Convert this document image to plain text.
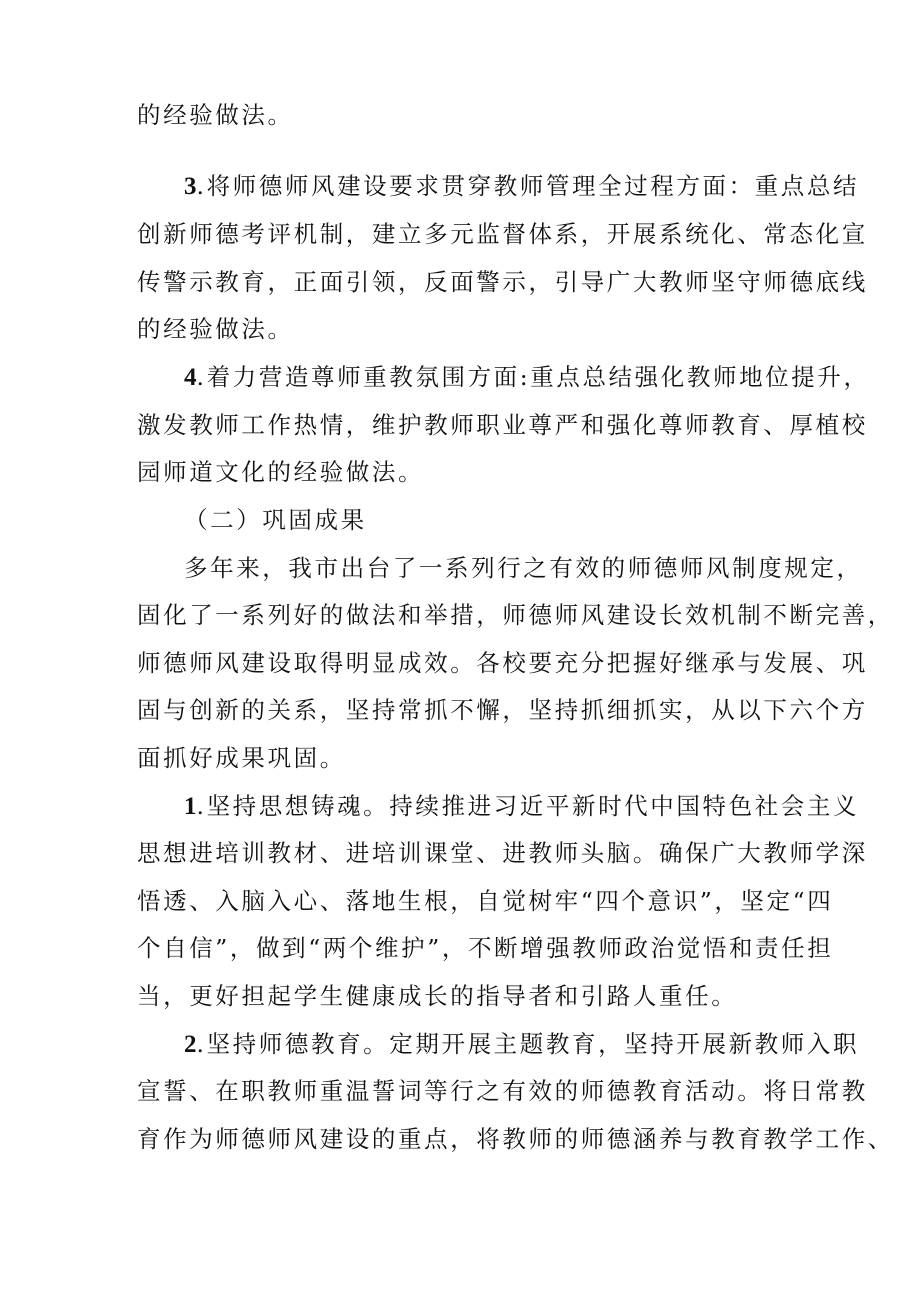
的经验做法。
3.将师德师风建设要求贯穿教师管理全过程方面：重点总结
创新师德考评机制，建立多元监督体系，开展系统化、常态化宣
传警示教育，正面引领，反面警示，引导广大教师坚守师德底线
的经验做法。
4.着力营造尊师重教氛围方面:重点总结强化教师地位提升，
激发教师工作热情，维护教师职业尊严和强化尊师教育、厚植校
园师道文化的经验做法。
（二）巩固成果
多年来，我市出台了一系列行之有效的师德师风制度规定，
固化了一系列好的做法和举措，师德师风建设长效机制不断完善，
师德师风建设取得明显成效。各校要充分把握好继承与发展、巩
固与创新的关系，坚持常抓不懈，坚持抓细抓实，从以下六个方
面抓好成果巩固。
1.坚持思想铸魂。持续推进习近平新时代中国特色社会主义
思想进培训教材、进培训课堂、进教师头脑。确保广大教师学深
悟透、入脑入心、落地生根，自觉树牢“四个意识”，坚定“四
个自信”，做到“两个维护”，不断增强教师政治觉悟和责任担
当，更好担起学生健康成长的指导者和引路人重任。
2.坚持师德教育。定期开展主题教育，坚持开展新教师入职
宣誓、在职教师重温誓词等行之有效的师德教育活动。将日常教
育作为师德师风建设的重点，将教师的师德涵养与教育教学工作、
